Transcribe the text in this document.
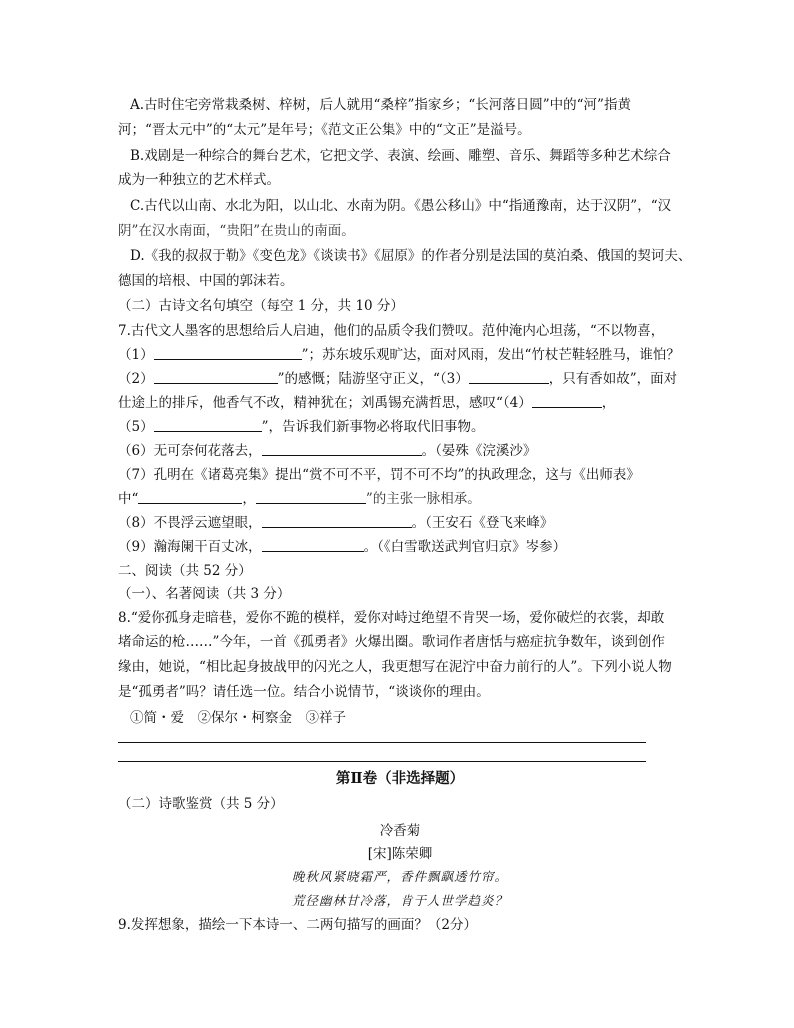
A.古时住宅旁常栽桑树、梓树，后人就用“桑梓”指家乡；“长河落日圆”中的“河”指黄
河；“晋太元中”的“太元”是年号；《范文正公集》中的“文正”是溢号。
B.戏剧是一种综合的舞台艺术，它把文学、表演、绘画、雕塑、音乐、舞蹈等多种艺术综合
成为一种独立的艺术样式。
C.古代以山南、水北为阳，以山北、水南为阴。《愚公移山》中“指通豫南，达于汉阴”，“汉
阴”在汉水南面，“贵阳”在贵山的南面。
D.《我的叔叔于勒》《变色龙》《谈读书》《屈原》的作者分别是法国的莫泊桑、俄国的契诃夫、
德国的培根、中国的郭沫若。
（二）古诗文名句填空（每空 1 分，共 10 分）
7.古代文人墨客的思想给后人启迪，他们的品质令我们赞叹。范仲淹内心坦荡，“不以物喜，
（1）	”；苏东坡乐观旷达，面对风雨，发出“竹杖芒鞋轻胜马，谁怕？
（2）	”的感慨；陆游坚守正义，“（3）	，只有香如故”，面对
仕途上的排斥，他香气不改，精神犹在；刘禹锡充满哲思，感叹“（4）	，
（5）	”，告诉我们新事物必将取代旧事物。
（6）无可奈何花落去，	。（晏殊《浣溪沙》
（7）孔明在《诸葛亮集》提出“赏不可不平，罚不可不均”的执政理念，这与《出师表》
中“	，	”的主张一脉相承。
（8）不畏浮云遮望眼，	。（王安石《登飞来峰》
（9）瀚海阑干百丈冰，	。（《白雪歌送武判官归京》岑参）
二、阅读（共 52 分）
（一）、名著阅读（共 3 分）
8.“爱你孤身走暗巷，爱你不跪的模样，爱你对峙过绝望不肯哭一场，爱你破烂的衣裳，却敢
堵命运的枪……”今年，一首《孤勇者》火爆出圈。歌词作者唐恬与癌症抗争数年，谈到创作
缘由，她说，“相比起身披战甲的闪光之人，我更想写在泥泞中奋力前行的人”。下列小说人物
是“孤勇者”吗？请任选一位。结合小说情节，“谈谈你的理由。
①简・爱　②保尔・柯察金　③祥子
第Ⅱ卷（非选择题）
（二）诗歌鉴赏（共 5 分）
冷香菊
[宋]陈荣卿
晚秋风紧晓霜严，香件飘飖透竹帘。
荒径幽林甘冷落，肯于人世学趋炎？
9.发挥想象，描绘一下本诗一、二两句描写的画面？（2分）
